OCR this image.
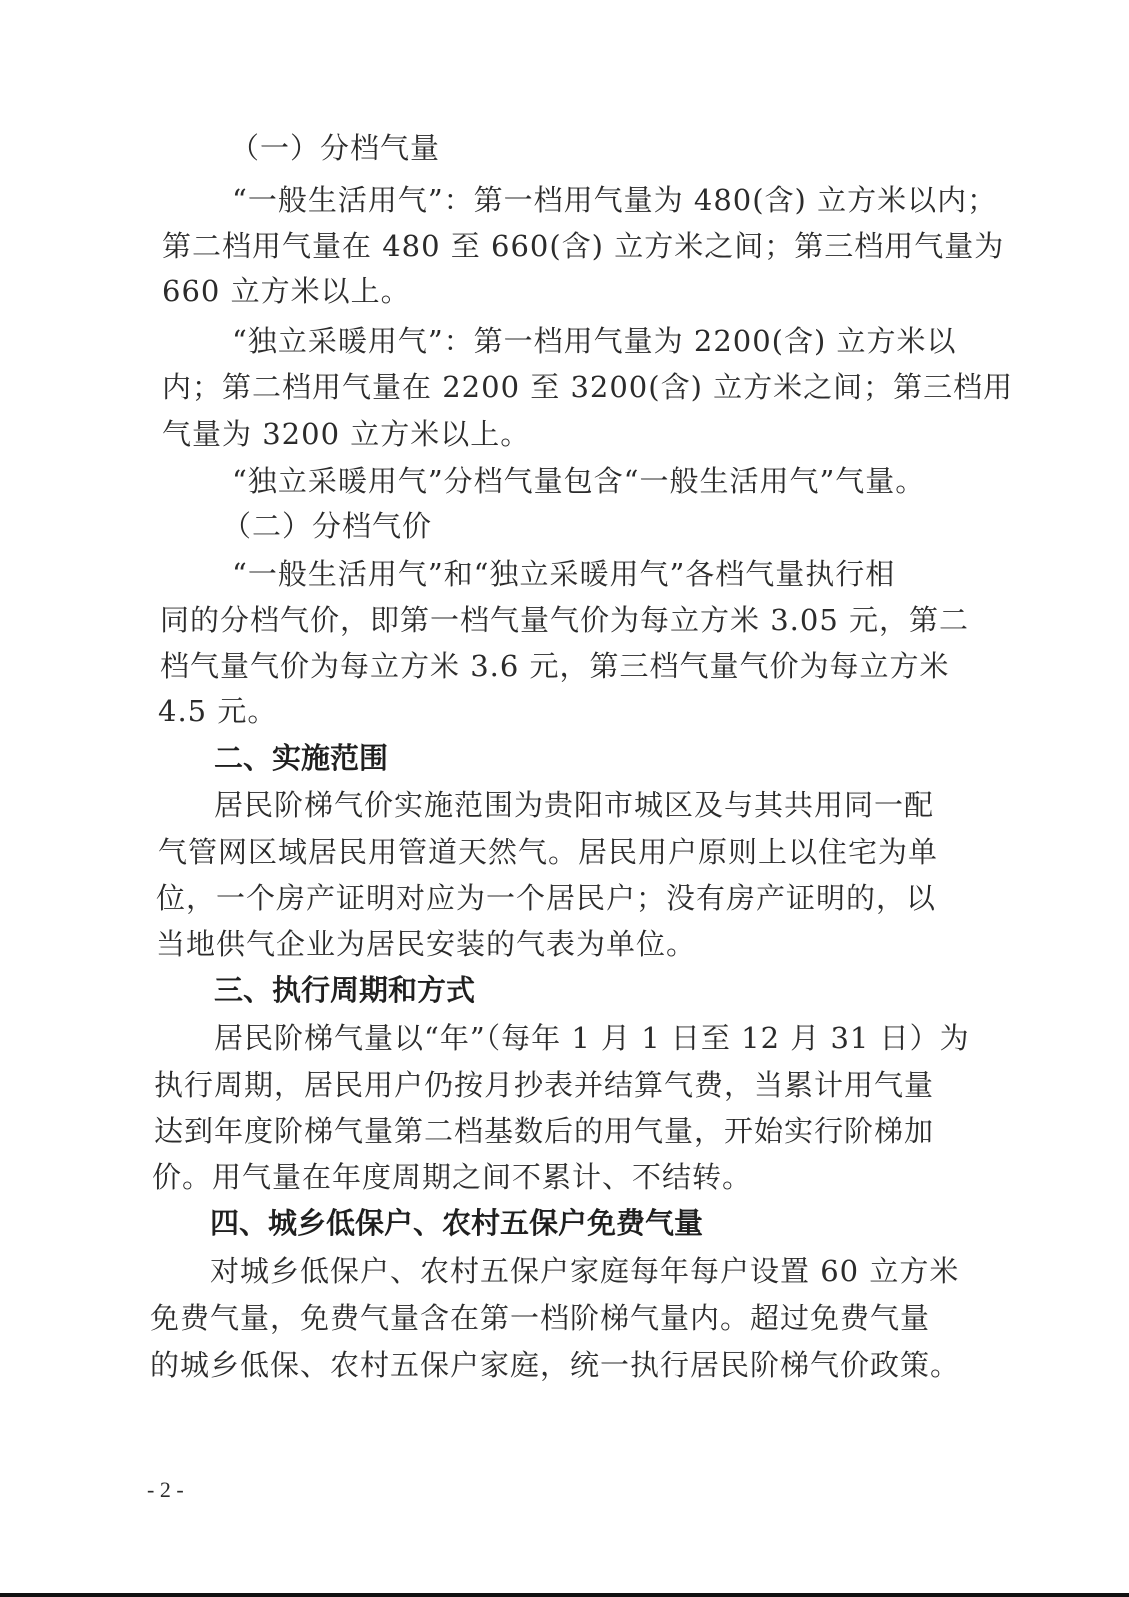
（一）分档气量
“一般生活用气”：第一档用气量为 480(含) 立方米以内；
第二档用气量在 480 至 660(含) 立方米之间；第三档用气量为
660 立方米以上。
“独立采暖用气”：第一档用气量为 2200(含) 立方米以
内；第二档用气量在 2200 至 3200(含) 立方米之间；第三档用
气量为 3200 立方米以上。
“独立采暖用气”分档气量包含“一般生活用气”气量。
（二）分档气价
“一般生活用气”和“独立采暖用气”各档气量执行相
同的分档气价，即第一档气量气价为每立方米 3.05 元，第二
档气量气价为每立方米 3.6 元，第三档气量气价为每立方米
4.5 元。
二、实施范围
居民阶梯气价实施范围为贵阳市城区及与其共用同一配
气管网区域居民用管道天然气。居民用户原则上以住宅为单
位，一个房产证明对应为一个居民户；没有房产证明的，以
当地供气企业为居民安装的气表为单位。
三、执行周期和方式
居民阶梯气量以“年”（每年 1 月 1 日至 12 月 31 日）为
执行周期，居民用户仍按月抄表并结算气费，当累计用气量
达到年度阶梯气量第二档基数后的用气量，开始实行阶梯加
价。用气量在年度周期之间不累计、不结转。
四、城乡低保户、农村五保户免费气量
对城乡低保户、农村五保户家庭每年每户设置 60 立方米
免费气量，免费气量含在第一档阶梯气量内。超过免费气量
的城乡低保、农村五保户家庭，统一执行居民阶梯气价政策。
- 2 -
